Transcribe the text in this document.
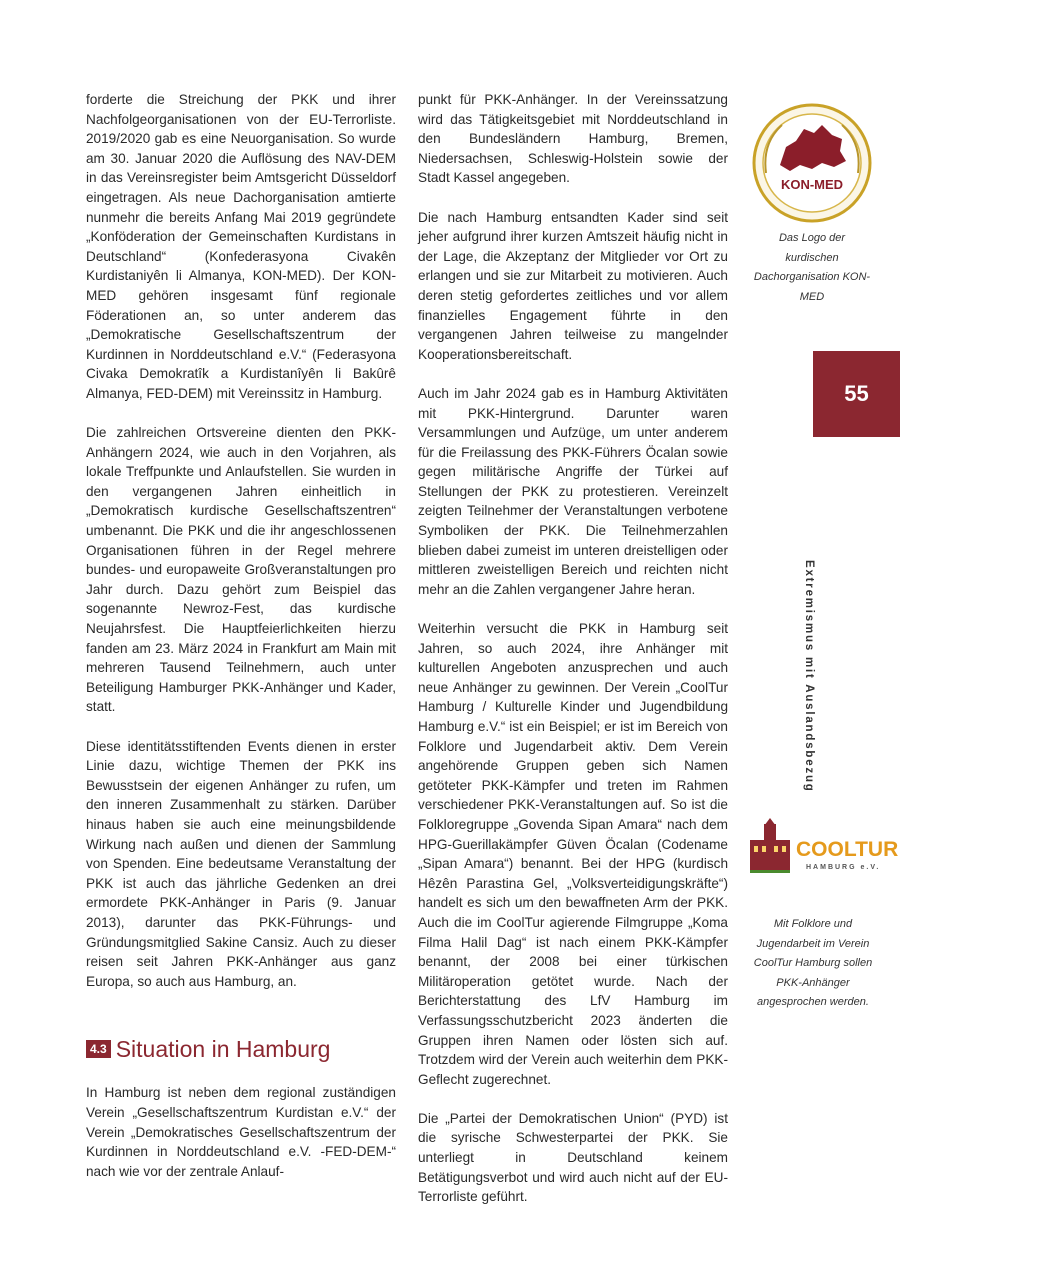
forderte die Streichung der PKK und ihrer Nachfolgeorganisationen von der EU-Terrorliste. 2019/2020 gab es eine Neuorganisation. So wurde am 30. Januar 2020 die Auflösung des NAV-DEM in das Vereinsregister beim Amtsgericht Düsseldorf eingetragen. Als neue Dachorganisation amtierte nunmehr die bereits Anfang Mai 2019 gegründete „Konföderation der Gemeinschaften Kurdistans in Deutschland“ (Konfederasyona Civakên Kurdistaniyên li Almanya, KON-MED). Der KON-MED gehören insgesamt fünf regionale Föderationen an, so unter anderem das „Demokratische Gesellschaftszentrum der Kurdinnen in Norddeutschland e.V.“ (Federasyona Civaka Demokratîk a Kurdistanîyên li Bakûrê Almanya, FED-DEM) mit Vereinssitz in Hamburg.

Die zahlreichen Ortsvereine dienten den PKK-Anhängern 2024, wie auch in den Vorjahren, als lokale Treffpunkte und Anlaufstellen. Sie wurden in den vergangenen Jahren einheitlich in „Demokratisch kurdische Gesellschaftszentren“ umbenannt. Die PKK und die ihr angeschlossenen Organisationen führen in der Regel mehrere bundes- und europaweite Großveranstaltungen pro Jahr durch. Dazu gehört zum Beispiel das sogenannte Newroz-Fest, das kurdische Neujahrsfest. Die Hauptfeierlichkeiten hierzu fanden am 23. März 2024 in Frankfurt am Main mit mehreren Tausend Teilnehmern, auch unter Beteiligung Hamburger PKK-Anhänger und Kader, statt.

Diese identitätsstiftenden Events dienen in erster Linie dazu, wichtige Themen der PKK ins Bewusstsein der eigenen Anhänger zu rufen, um den inneren Zusammenhalt zu stärken. Darüber hinaus haben sie auch eine meinungsbildende Wirkung nach außen und dienen der Sammlung von Spenden. Eine bedeutsame Veranstaltung der PKK ist auch das jährliche Gedenken an drei ermordete PKK-Anhänger in Paris (9. Januar 2013), darunter das PKK-Führungs- und Gründungsmitglied Sakine Cansiz. Auch zu dieser reisen seit Jahren PKK-Anhänger aus ganz Europa, so auch aus Hamburg, an.

4.3 Situation in Hamburg

In Hamburg ist neben dem regional zuständigen Verein „Gesellschaftszentrum Kurdistan e.V.“ der Verein „Demokratisches Gesellschaftszentrum der Kurdinnen in Norddeutschland e.V. -FED-DEM-“ nach wie vor der zentrale Anlauf-

punkt für PKK-Anhänger. In der Vereinssatzung wird das Tätigkeitsgebiet mit Norddeutschland in den Bundesländern Hamburg, Bremen, Niedersachsen, Schleswig-Holstein sowie der Stadt Kassel angegeben.

Die nach Hamburg entsandten Kader sind seit jeher aufgrund ihrer kurzen Amtszeit häufig nicht in der Lage, die Akzeptanz der Mitglieder vor Ort zu erlangen und sie zur Mitarbeit zu motivieren. Auch deren stetig gefordertes zeitliches und vor allem finanzielles Engagement führte in den vergangenen Jahren teilweise zu mangelnder Kooperationsbereitschaft.

Auch im Jahr 2024 gab es in Hamburg Aktivitäten mit PKK-Hintergrund. Darunter waren Versammlungen und Aufzüge, um unter anderem für die Freilassung des PKK-Führers Öcalan sowie gegen militärische Angriffe der Türkei auf Stellungen der PKK zu protestieren. Vereinzelt zeigten Teilnehmer der Veranstaltungen verbotene Symboliken der PKK. Die Teilnehmerzahlen blieben dabei zumeist im unteren dreistelligen oder mittleren zweistelligen Bereich und reichten nicht mehr an die Zahlen vergangener Jahre heran.

Weiterhin versucht die PKK in Hamburg seit Jahren, so auch 2024, ihre Anhänger mit kulturellen Angeboten anzusprechen und auch neue Anhänger zu gewinnen. Der Verein „CoolTur Hamburg / Kulturelle Kinder und Jugendbildung Hamburg e.V.“ ist ein Beispiel; er ist im Bereich von Folklore und Jugendarbeit aktiv. Dem Verein angehörende Gruppen geben sich Namen getöteter PKK-Kämpfer und treten im Rahmen verschiedener PKK-Veranstaltungen auf. So ist die Folkloregruppe „Govenda Sipan Amara“ nach dem HPG-Guerillakämpfer Güven Öcalan (Codename „Sipan Amara“) benannt. Bei der HPG (kurdisch Hêzên Parastina Gel, „Volksverteidigungskräfte“) handelt es sich um den bewaffneten Arm der PKK. Auch die im CoolTur agierende Filmgruppe „Koma Filma Halil Dag“ ist nach einem PKK-Kämpfer benannt, der 2008 bei einer türkischen Militäroperation getötet wurde. Nach der Berichterstattung des LfV Hamburg im Verfassungsschutzbericht 2023 änderten die Gruppen ihren Namen oder lösten sich auf. Trotzdem wird der Verein auch weiterhin dem PKK-Geflecht zugerechnet.

Die „Partei der Demokratischen Union“ (PYD) ist die syrische Schwesterpartei der PKK. Sie unterliegt in Deutschland keinem Betätigungsverbot und wird auch nicht auf der EU-Terrorliste geführt.

KON-MED
Das Logo der kurdischen Dachorganisation KON-MED
55
Extremismus mit Auslandsbezug
COOLTUR
HAMBURG e.V.
Mit Folklore und Jugendarbeit im Verein CoolTur Hamburg sollen PKK-Anhänger angesprochen werden.
